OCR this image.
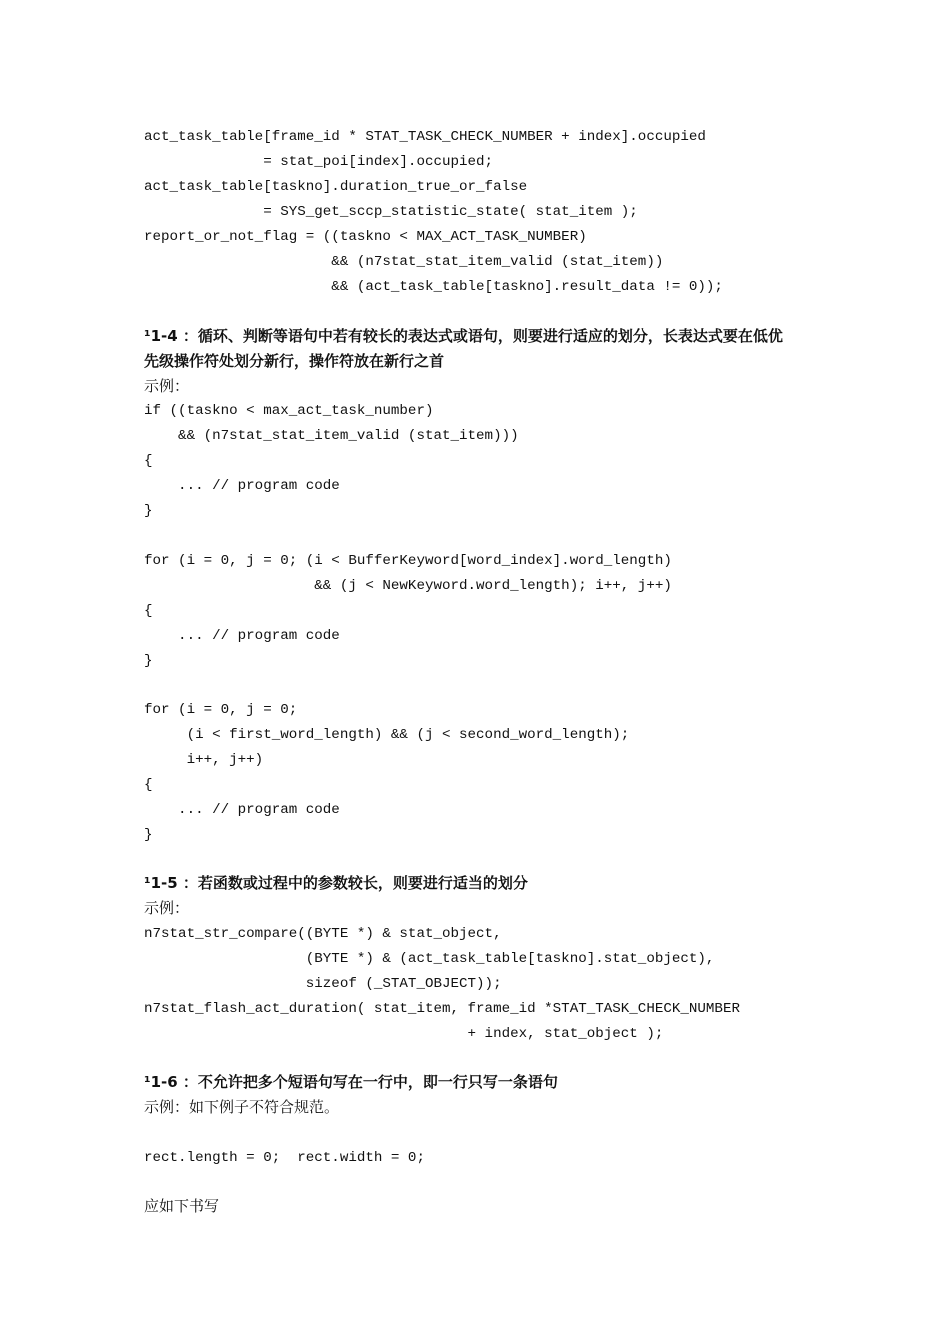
act_task_table[frame_id * STAT_TASK_CHECK_NUMBER + index].occupied
= stat_poi[index].occupied;
act_task_table[taskno].duration_true_or_false
= SYS_get_sccp_statistic_state( stat_item );
report_or_not_flag = ((taskno < MAX_ACT_TASK_NUMBER)
&& (n7stat_stat_item_valid (stat_item))
&& (act_task_table[taskno].result_data != 0));
¹1-4 ：循环、判断等语句中若有较长的表达式或语句，则要进行适应的划分，长表达式要在低优
先级操作符处划分新行，操作符放在新行之首
示例：
if ((taskno < max_act_task_number)
&& (n7stat_stat_item_valid (stat_item)))
{
... // program code
}
for (i = 0, j = 0; (i < BufferKeyword[word_index].word_length)
&& (j < NewKeyword.word_length); i++, j++)
{
... // program code
}
for (i = 0, j = 0;
(i < first_word_length) && (j < second_word_length);
i++, j++)
{
... // program code
}
¹1-5 ：若函数或过程中的参数较长，则要进行适当的划分
示例：
n7stat_str_compare((BYTE *) & stat_object,
(BYTE *) & (act_task_table[taskno].stat_object),
sizeof (_STAT_OBJECT));
n7stat_flash_act_duration( stat_item, frame_id *STAT_TASK_CHECK_NUMBER
+ index, stat_object );
¹1-6 ：不允许把多个短语句写在一行中，即一行只写一条语句
示例：如下例子不符合规范。
rect.length = 0;  rect.width = 0;
应如下书写
